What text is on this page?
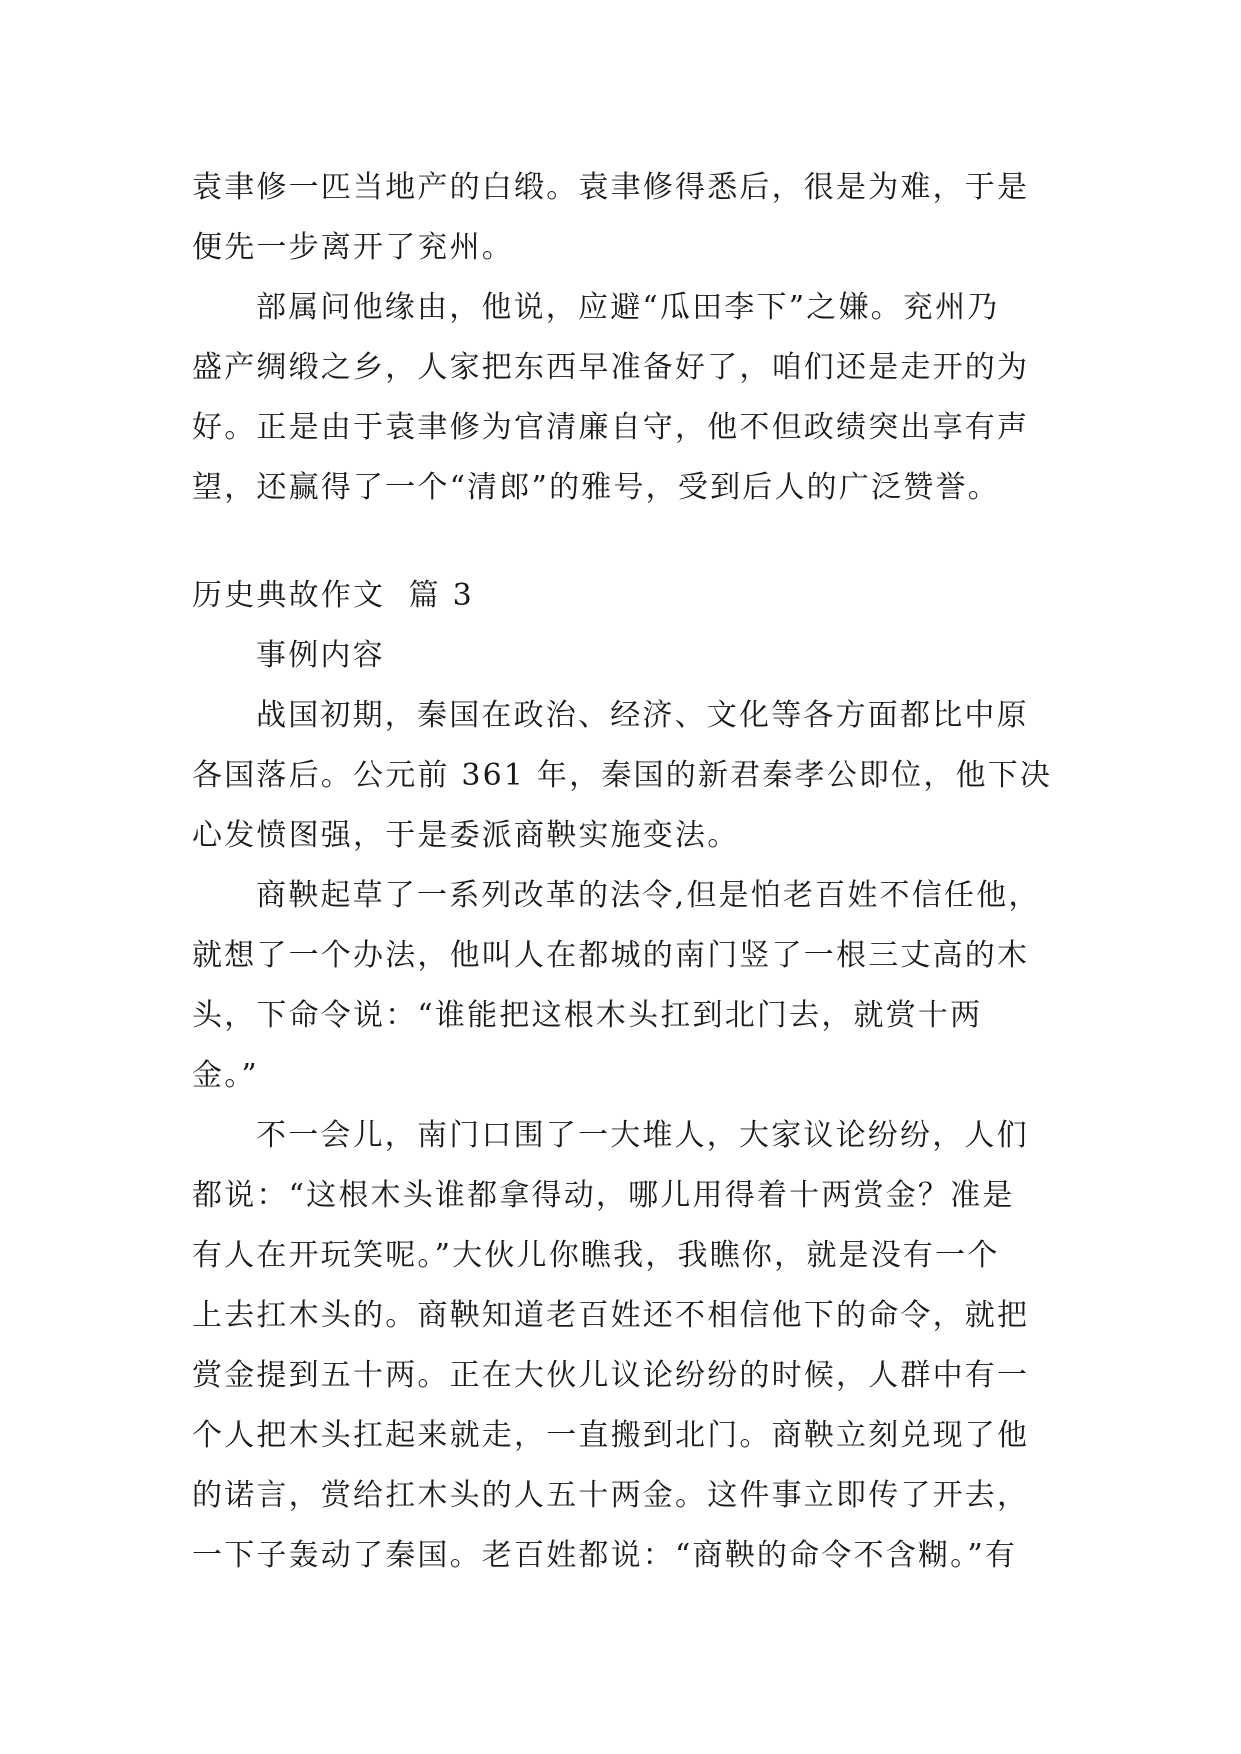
袁聿修一匹当地产的白缎。袁聿修得悉后，很是为难，于是
便先一步离开了兖州。
部属问他缘由，他说，应避“瓜田李下”之嫌。兖州乃
盛产绸缎之乡，人家把东西早准备好了，咱们还是走开的为
好。正是由于袁聿修为官清廉自守，他不但政绩突出享有声
望，还赢得了一个“清郎”的雅号，受到后人的广泛赞誉。
历史典故作文  篇 3
事例内容
战国初期，秦国在政治、经济、文化等各方面都比中原
各国落后。公元前 361 年，秦国的新君秦孝公即位，他下决
心发愤图强，于是委派商鞅实施变法。
商鞅起草了一系列改革的法令,但是怕老百姓不信任他，
就想了一个办法，他叫人在都城的南门竖了一根三丈高的木
头，下命令说：“谁能把这根木头扛到北门去，就赏十两
金。”
不一会儿，南门口围了一大堆人，大家议论纷纷，人们
都说：“这根木头谁都拿得动，哪儿用得着十两赏金？准是
有人在开玩笑呢。”大伙儿你瞧我，我瞧你，就是没有一个
上去扛木头的。商鞅知道老百姓还不相信他下的命令，就把
赏金提到五十两。正在大伙儿议论纷纷的时候，人群中有一
个人把木头扛起来就走，一直搬到北门。商鞅立刻兑现了他
的诺言，赏给扛木头的人五十两金。这件事立即传了开去，
一下子轰动了秦国。老百姓都说：“商鞅的命令不含糊。”有
